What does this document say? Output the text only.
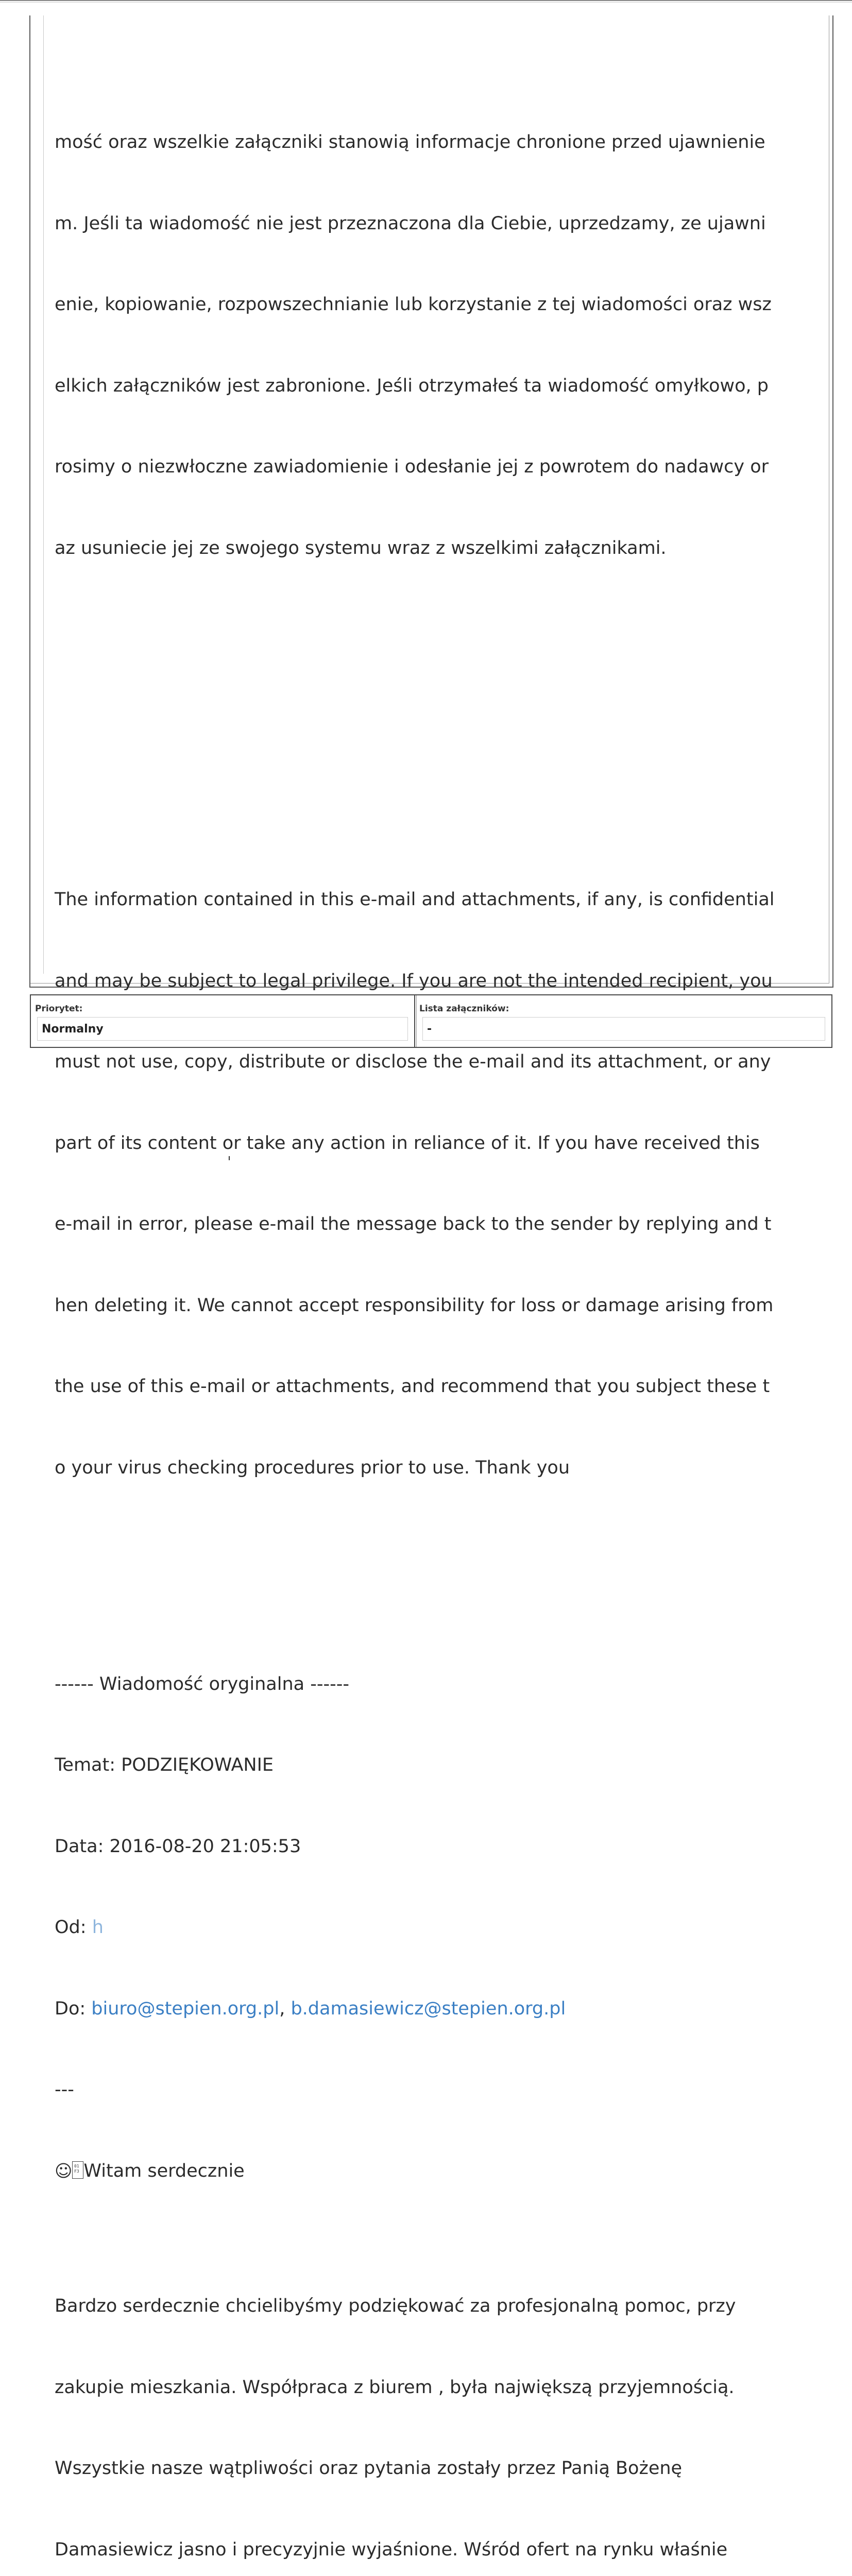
mość oraz wszelkie załączniki stanowią informacje chronione przed ujawnienie

m. Jeśli ta wiadomość nie jest przeznaczona dla Ciebie, uprzedzamy, ze ujawni

enie, kopiowanie, rozpowszechnianie lub korzystanie z tej wiadomości oraz wsz

elkich załączników jest zabronione. Jeśli otrzymałeś ta wiadomość omyłkowo, p

rosimy o niezwłoczne zawiadomienie i odesłanie jej z powrotem do nadawcy or

az usuniecie jej ze swojego systemu wraz z wszelkimi załącznikami.

The information contained in this e-mail and attachments, if any, is confidential

and may be subject to legal privilege. If you are not the intended recipient, you

must not use, copy, distribute or disclose the e-mail and its attachment, or any

part of its content or take any action in reliance of it. If you have received this

e-mail in error, please e-mail the message back to the sender by replying and t

hen deleting it. We cannot accept responsibility for loss or damage arising from

the use of this e-mail or attachments, and recommend that you subject these t

o your virus checking procedures prior to use. Thank you

------ Wiadomość oryginalna ------

Temat: PODZIĘKOWANIE

Data: 2016-08-20 21:05:53

Od: h

Do: biuro@stepien.org.pl, b.damasiewicz@stepien.org.pl

---

☺ 01
F3 Witam serdecznie

Bardzo serdecznie chcielibyśmy podziękować za profesjonalną pomoc, przy

zakupie mieszkania. Współpraca z biurem , była największą przyjemnością.

Wszystkie nasze wątpliwości oraz pytania zostały przez Panią Bożenę

Damasiewicz jasno i precyzyjnie wyjaśnione. Wśród ofert na rynku właśnie

Priorytet:
Normalny
Lista załączników:
-
